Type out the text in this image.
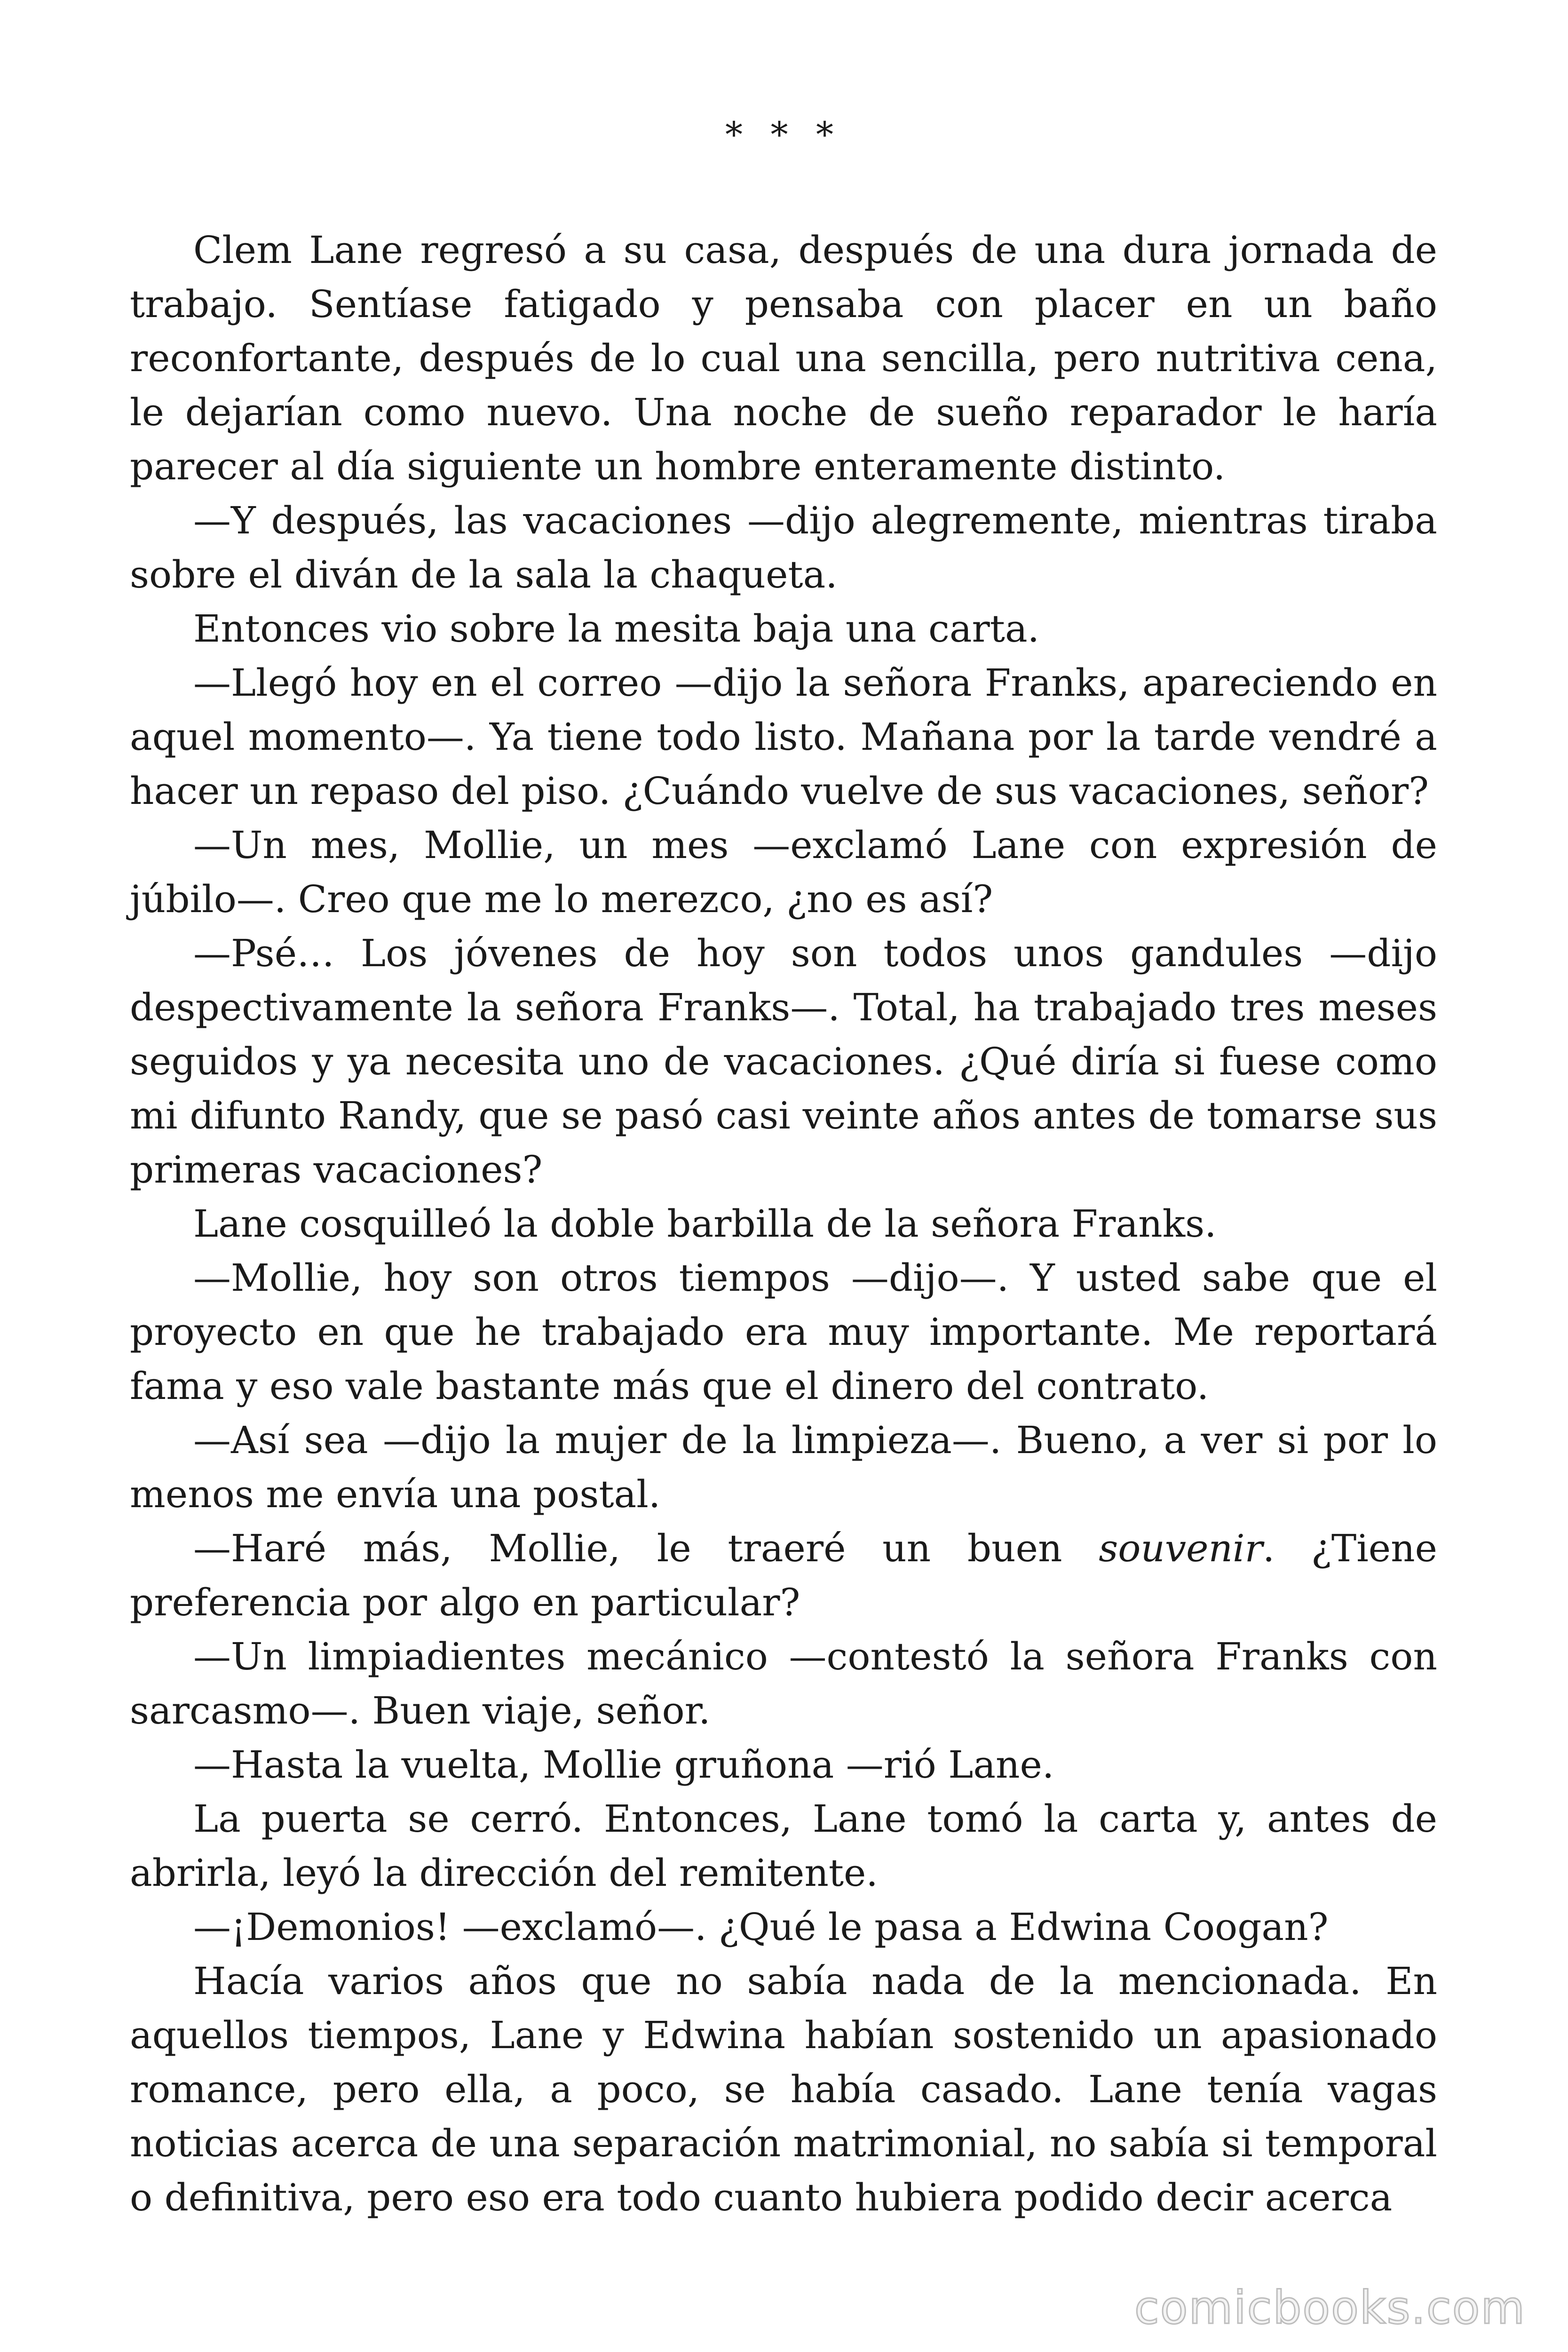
* * *

Clem Lane regresó a su casa, después de una dura jornada de trabajo. Sentíase fatigado y pensaba con placer en un baño reconfortante, después de lo cual una sencilla, pero nutritiva cena, le dejarían como nuevo. Una noche de sueño reparador le haría parecer al día siguiente un hombre enteramente distinto.

—Y después, las vacaciones —dijo alegremente, mientras tiraba sobre el diván de la sala la chaqueta.

Entonces vio sobre la mesita baja una carta.

—Llegó hoy en el correo —dijo la señora Franks, apareciendo en aquel momento—. Ya tiene todo listo. Mañana por la tarde vendré a hacer un repaso del piso. ¿Cuándo vuelve de sus vacaciones, señor?

—Un mes, Mollie, un mes —exclamó Lane con expresión de júbilo—. Creo que me lo merezco, ¿no es así?

—Psé… Los jóvenes de hoy son todos unos gandules —dijo despectivamente la señora Franks—. Total, ha trabajado tres meses seguidos y ya necesita uno de vacaciones. ¿Qué diría si fuese como mi difunto Randy, que se pasó casi veinte años antes de tomarse sus primeras vacaciones?

Lane cosquilleó la doble barbilla de la señora Franks.

—Mollie, hoy son otros tiempos —dijo—. Y usted sabe que el proyecto en que he trabajado era muy importante. Me reportará fama y eso vale bastante más que el dinero del contrato.

—Así sea —dijo la mujer de la limpieza—. Bueno, a ver si por lo menos me envía una postal.

—Haré más, Mollie, le traeré un buen souvenir. ¿Tiene preferencia por algo en particular?

—Un limpiadientes mecánico —contestó la señora Franks con sarcasmo—. Buen viaje, señor.

—Hasta la vuelta, Mollie gruñona —rió Lane.

La puerta se cerró. Entonces, Lane tomó la carta y, antes de abrirla, leyó la dirección del remitente.

—¡Demonios! —exclamó—. ¿Qué le pasa a Edwina Coogan?

Hacía varios años que no sabía nada de la mencionada. En aquellos tiempos, Lane y Edwina habían sostenido un apasionado romance, pero ella, a poco, se había casado. Lane tenía vagas noticias acerca de una separación matrimonial, no sabía si temporal o definitiva, pero eso era todo cuanto hubiera podido decir acerca

comicbooks.com
